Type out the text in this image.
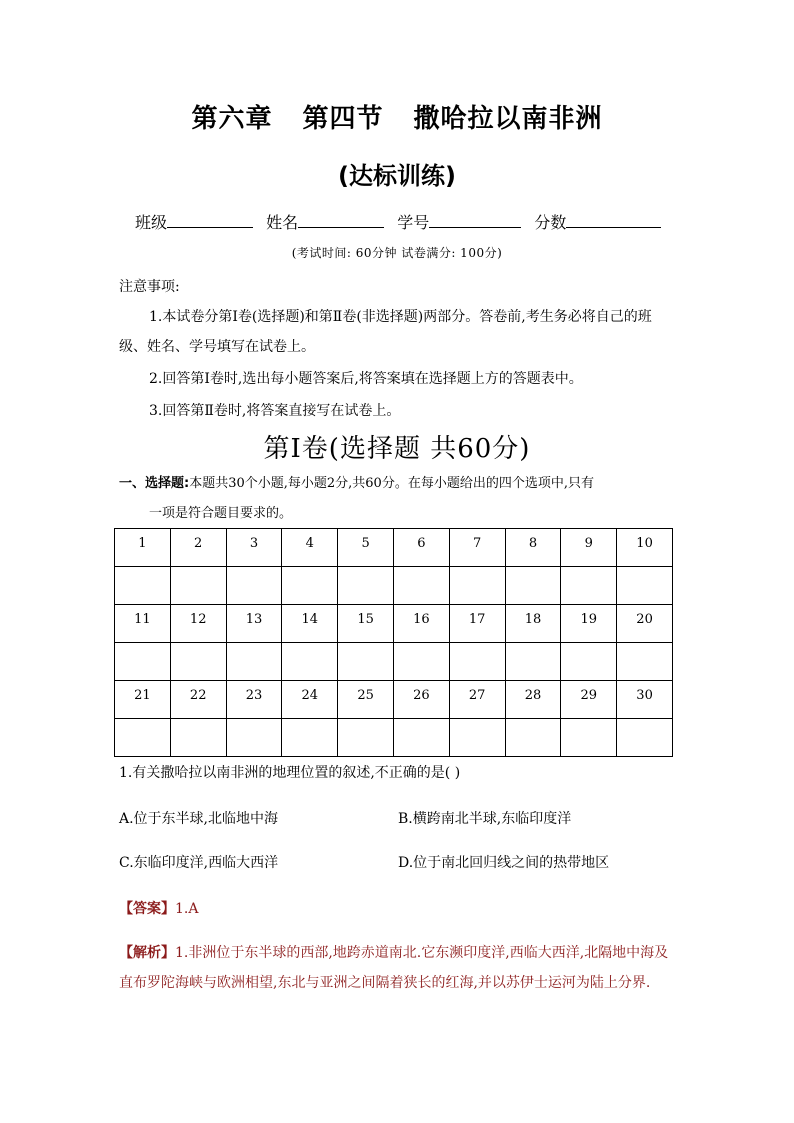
第六章 第四节 撒哈拉以南非洲
(达标训练)
班级	姓名	学号	分数
(考试时间: 60分钟 试卷满分: 100分)
注意事项:
1.本试卷分第Ⅰ卷(选择题)和第Ⅱ卷(非选择题)两部分。答卷前,考生务必将自己的班级、姓名、学号填写在试卷上。
2.回答第Ⅰ卷时,选出每小题答案后,将答案填在选择题上方的答题表中。
3.回答第Ⅱ卷时,将答案直接写在试卷上。
第Ⅰ卷(选择题 共60分)
一、选择题:本题共30个小题,每小题2分,共60分。在每小题给出的四个选项中,只有
一项是符合题目要求的。
1	2	3	4	5	6	7	8	9	10

11	12	13	14	15	16	17	18	19	20

21	22	23	24	25	26	27	28	29	30

1.有关撒哈拉以南非洲的地理位置的叙述,不正确的是( )
A.位于东半球,北临地中海	B.横跨南北半球,东临印度洋
C.东临印度洋,西临大西洋	D.位于南北回归线之间的热带地区
【答案】1.A
【解析】1.非洲位于东半球的西部,地跨赤道南北.它东濒印度洋,西临大西洋,北隔地中海及直布罗陀海峡与欧洲相望,东北与亚洲之间隔着狭长的红海,并以苏伊士运河为陆上分界.
